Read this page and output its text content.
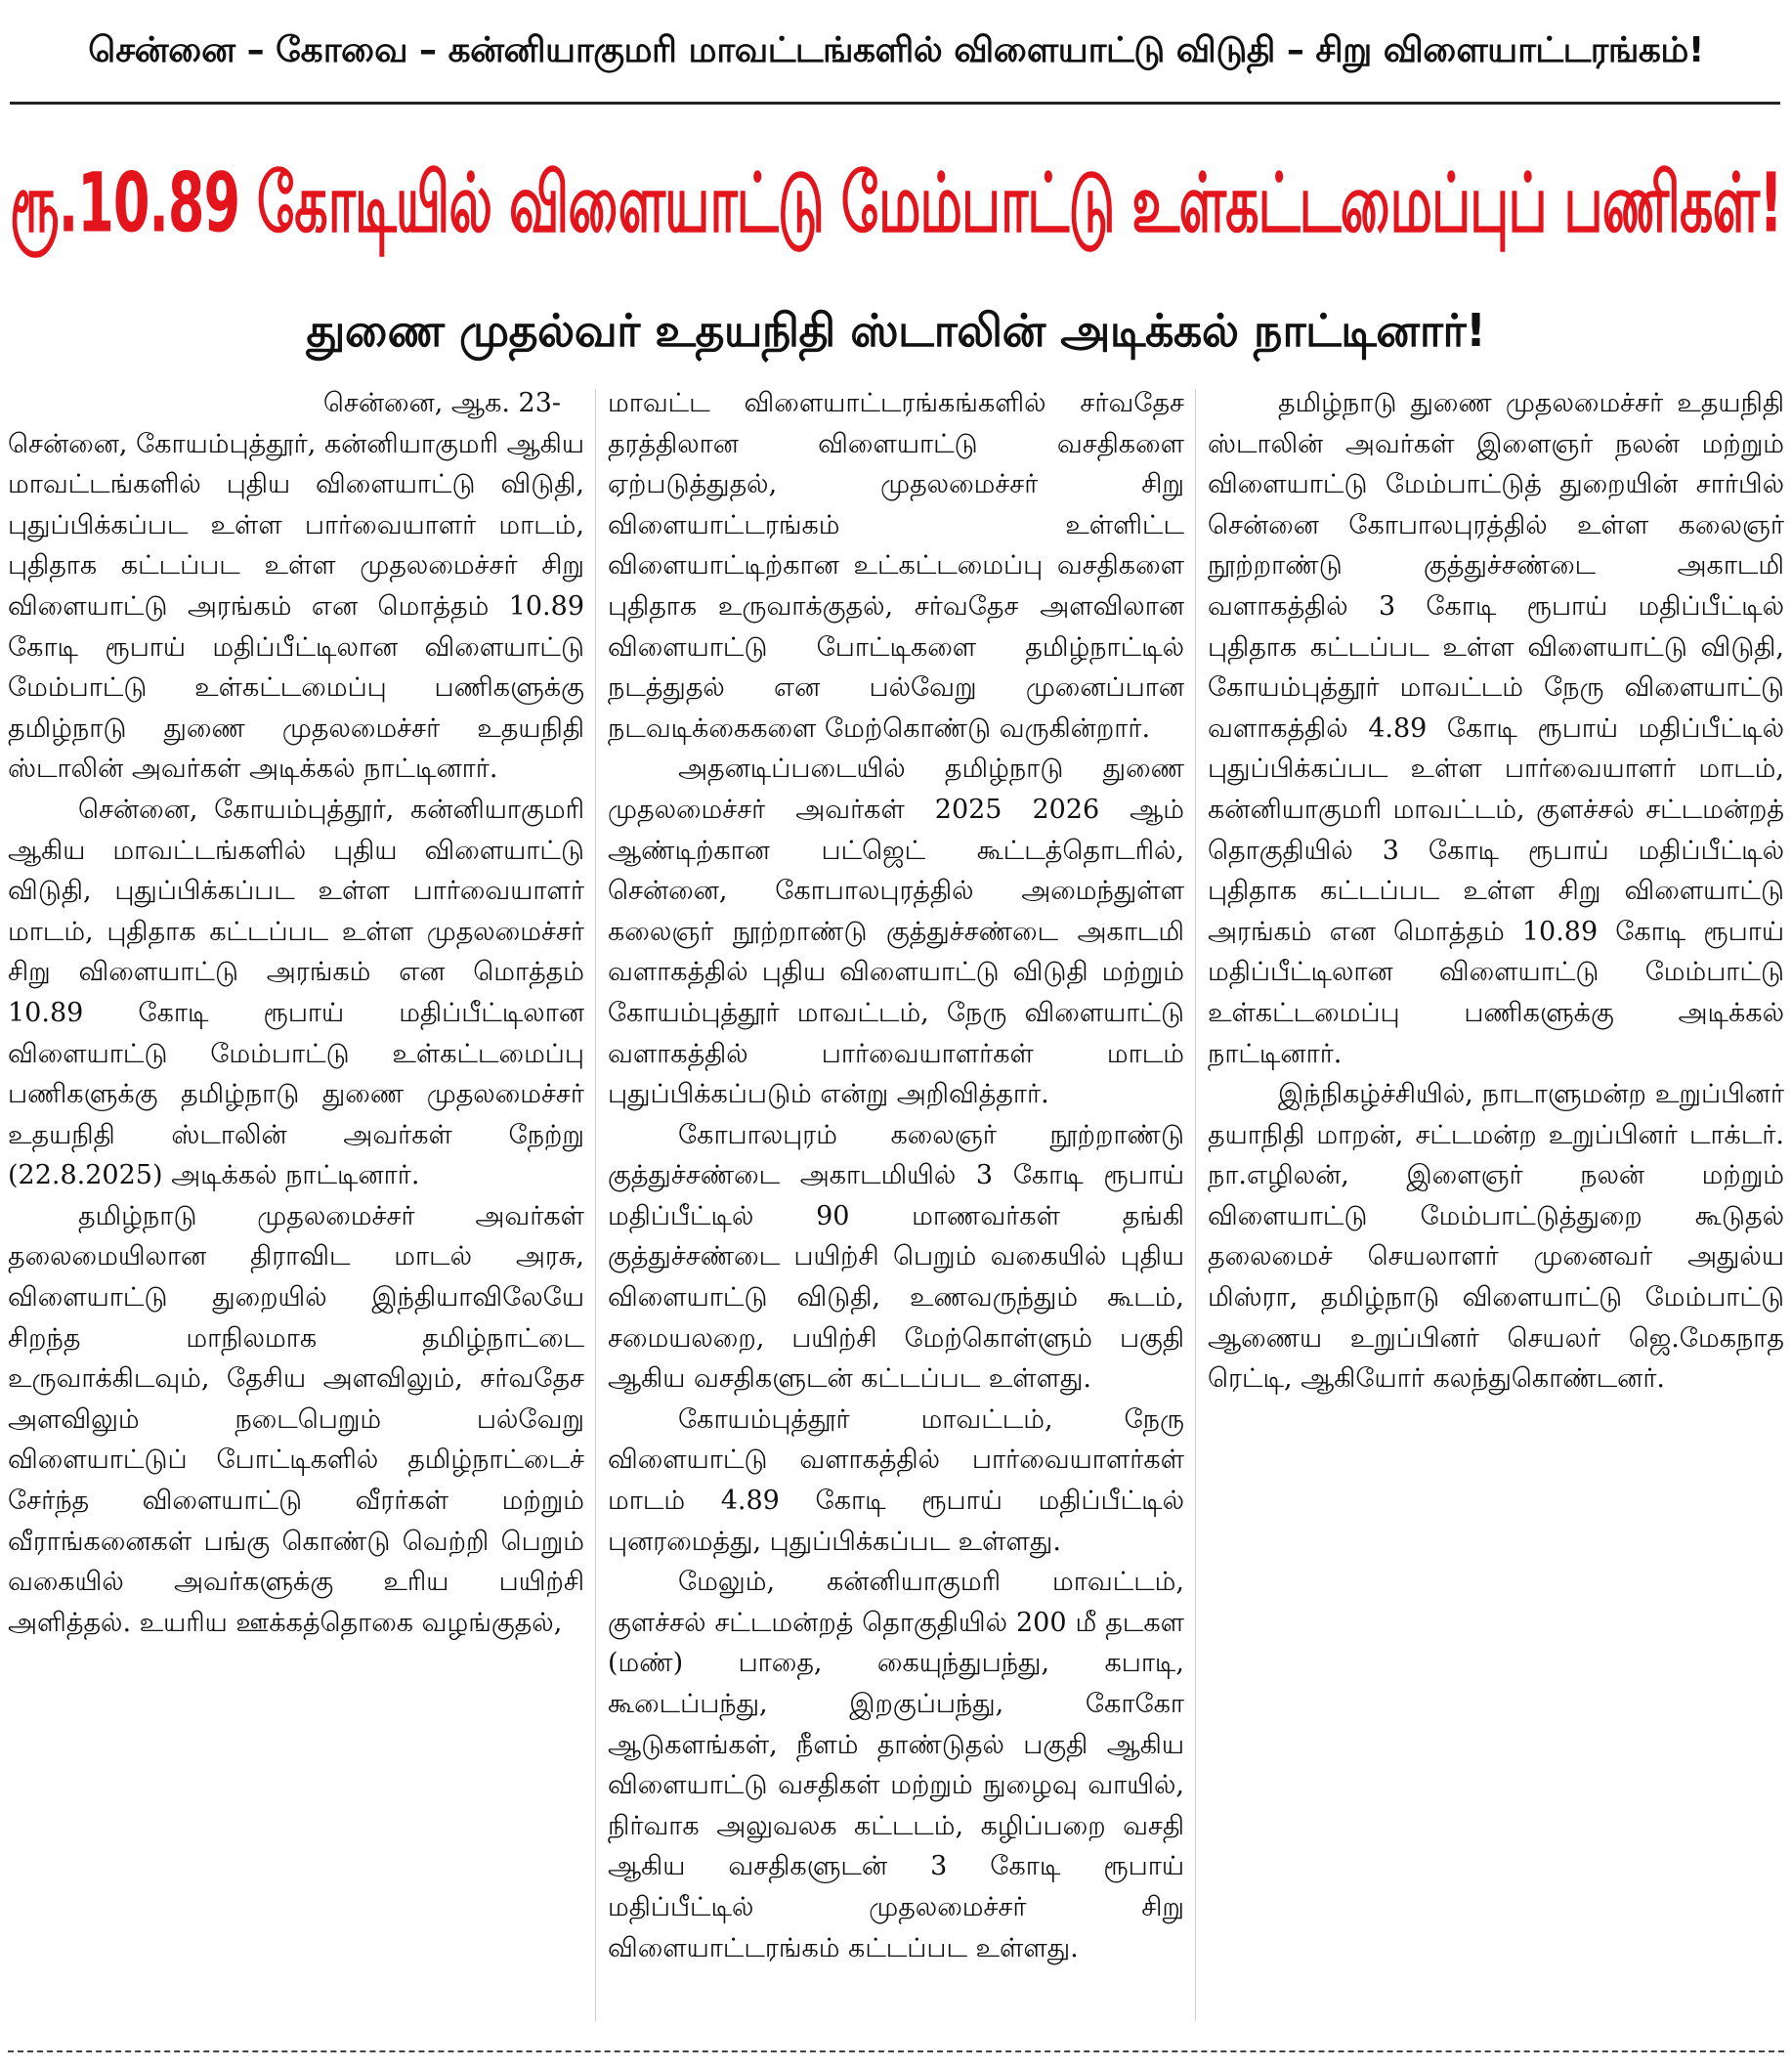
சென்னை – கோவை – கன்னியாகுமரி மாவட்டங்களில் விளையாட்டு விடுதி – சிறு விளையாட்டரங்கம்!
ரூ.10.89 கோடியில் விளையாட்டு மேம்பாட்டு உள்கட்டமைப்புப் பணிகள்!
துணை முதல்வர் உதயநிதி ஸ்டாலின் அடிக்கல் நாட்டினார்!

சென்னை, ஆக. 23-

சென்னை, கோயம்புத்தூர், கன்னியாகுமரி ஆகிய மாவட்டங்களில் புதிய விளையாட்டு விடுதி, புதுப்பிக்கப்பட உள்ள பார்வையாளர் மாடம், புதிதாக கட்டப்பட உள்ள முதலமைச்சர் சிறு விளையாட்டு அரங்கம் என மொத்தம் 10.89 கோடி ரூபாய் மதிப்பீட்டிலான விளையாட்டு மேம்பாட்டு உள்கட்டமைப்பு பணிகளுக்கு தமிழ்நாடு துணை முதலமைச்சர் உதயநிதி ஸ்டாலின் அவர்கள் அடிக்கல் நாட்டினார்.

சென்னை, கோயம்புத்தூர், கன்னியாகுமரி ஆகிய மாவட்டங்களில் புதிய விளையாட்டு விடுதி, புதுப்பிக்கப்பட உள்ள பார்வையாளர் மாடம், புதிதாக கட்டப்பட உள்ள முதலமைச்சர் சிறு விளையாட்டு அரங்கம் என மொத்தம் 10.89 கோடி ரூபாய் மதிப்பீட்டிலான விளையாட்டு மேம்பாட்டு உள்கட்டமைப்பு பணிகளுக்கு தமிழ்நாடு துணை முதலமைச்சர் உதயநிதி ஸ்டாலின் அவர்கள் நேற்று (22.8.2025) அடிக்கல் நாட்டினார்.

தமிழ்நாடு முதலமைச்சர் அவர்கள் தலைமையிலான திராவிட மாடல் அரசு, விளையாட்டு துறையில் இந்தியாவிலேயே சிறந்த மாநிலமாக தமிழ்நாட்டை உருவாக்கிடவும், தேசிய அளவிலும், சர்வதேச அளவிலும் நடைபெறும் பல்வேறு விளையாட்டுப் போட்டிகளில் தமிழ்நாட்டைச் சேர்ந்த விளையாட்டு வீரர்கள் மற்றும் வீராங்கனைகள் பங்கு கொண்டு வெற்றி பெறும் வகையில் அவர்களுக்கு உரிய பயிற்சி அளித்தல். உயரிய ஊக்கத்தொகை வழங்குதல்,

மாவட்ட விளையாட்டரங்கங்களில் சர்வதேச தரத்திலான விளையாட்டு வசதிகளை ஏற்படுத்துதல், முதலமைச்சர் சிறு விளையாட்டரங்கம் உள்ளிட்ட விளையாட்டிற்கான உட்கட்டமைப்பு வசதிகளை புதிதாக உருவாக்குதல், சர்வதேச அளவிலான விளையாட்டு போட்டிகளை தமிழ்நாட்டில் நடத்துதல் என பல்வேறு முனைப்பான நடவடிக்கைகளை மேற்கொண்டு வருகின்றார்.

அதனடிப்படையில் தமிழ்நாடு துணை முதலமைச்சர் அவர்கள் 2025 2026 ஆம் ஆண்டிற்கான பட்ஜெட் கூட்டத்தொடரில், சென்னை, கோபாலபுரத்தில் அமைந்துள்ள கலைஞர் நூற்றாண்டு குத்துச்சண்டை அகாடமி வளாகத்தில் புதிய விளையாட்டு விடுதி மற்றும் கோயம்புத்தூர் மாவட்டம், நேரு விளையாட்டு வளாகத்தில் பார்வையாளர்கள் மாடம் புதுப்பிக்கப்படும் என்று அறிவித்தார்.

கோபாலபுரம் கலைஞர் நூற்றாண்டு குத்துச்சண்டை அகாடமியில் 3 கோடி ரூபாய் மதிப்பீட்டில் 90 மாணவர்கள் தங்கி குத்துச்சண்டை பயிற்சி பெறும் வகையில் புதிய விளையாட்டு விடுதி, உணவருந்தும் கூடம், சமையலறை, பயிற்சி மேற்கொள்ளும் பகுதி ஆகிய வசதிகளுடன் கட்டப்பட உள்ளது.

கோயம்புத்தூர் மாவட்டம், நேரு விளையாட்டு வளாகத்தில் பார்வையாளர்கள் மாடம் 4.89 கோடி ரூபாய் மதிப்பீட்டில் புனரமைத்து, புதுப்பிக்கப்பட உள்ளது.

மேலும், கன்னியாகுமரி மாவட்டம், குளச்சல் சட்டமன்றத் தொகுதியில் 200 மீ தடகள (மண்) பாதை, கையுந்துபந்து, கபாடி, கூடைப்பந்து, இறகுப்பந்து, கோகோ ஆடுகளங்கள், நீளம் தாண்டுதல் பகுதி ஆகிய விளையாட்டு வசதிகள் மற்றும் நுழைவு வாயில், நிர்வாக அலுவலக கட்டடம், கழிப்பறை வசதி ஆகிய வசதிகளுடன் 3 கோடி ரூபாய் மதிப்பீட்டில் முதலமைச்சர் சிறு விளையாட்டரங்கம் கட்டப்பட உள்ளது.

தமிழ்நாடு துணை முதலமைச்சர் உதயநிதி ஸ்டாலின் அவர்கள் இளைஞர் நலன் மற்றும் விளையாட்டு மேம்பாட்டுத் துறையின் சார்பில் சென்னை கோபாலபுரத்தில் உள்ள கலைஞர் நூற்றாண்டு குத்துச்சண்டை அகாடமி வளாகத்தில் 3 கோடி ரூபாய் மதிப்பீட்டில் புதிதாக கட்டப்பட உள்ள விளையாட்டு விடுதி, கோயம்புத்தூர் மாவட்டம் நேரு விளையாட்டு வளாகத்தில் 4.89 கோடி ரூபாய் மதிப்பீட்டில் புதுப்பிக்கப்பட உள்ள பார்வையாளர் மாடம், கன்னியாகுமரி மாவட்டம், குளச்சல் சட்டமன்றத் தொகுதியில் 3 கோடி ரூபாய் மதிப்பீட்டில் புதிதாக கட்டப்பட உள்ள சிறு விளையாட்டு அரங்கம் என மொத்தம் 10.89 கோடி ரூபாய் மதிப்பீட்டிலான விளையாட்டு மேம்பாட்டு உள்கட்டமைப்பு பணிகளுக்கு அடிக்கல் நாட்டினார்.

இந்நிகழ்ச்சியில், நாடாளுமன்ற உறுப்பினர் தயாநிதி மாறன், சட்டமன்ற உறுப்பினர் டாக்டர். நா.எழிலன், இளைஞர் நலன் மற்றும் விளையாட்டு மேம்பாட்டுத்துறை கூடுதல் தலைமைச் செயலாளர் முனைவர் அதுல்ய மிஸ்ரா, தமிழ்நாடு விளையாட்டு மேம்பாட்டு ஆணைய உறுப்பினர் செயலர் ஜெ.மேகநாத ரெட்டி, ஆகியோர் கலந்துகொண்டனர்.
